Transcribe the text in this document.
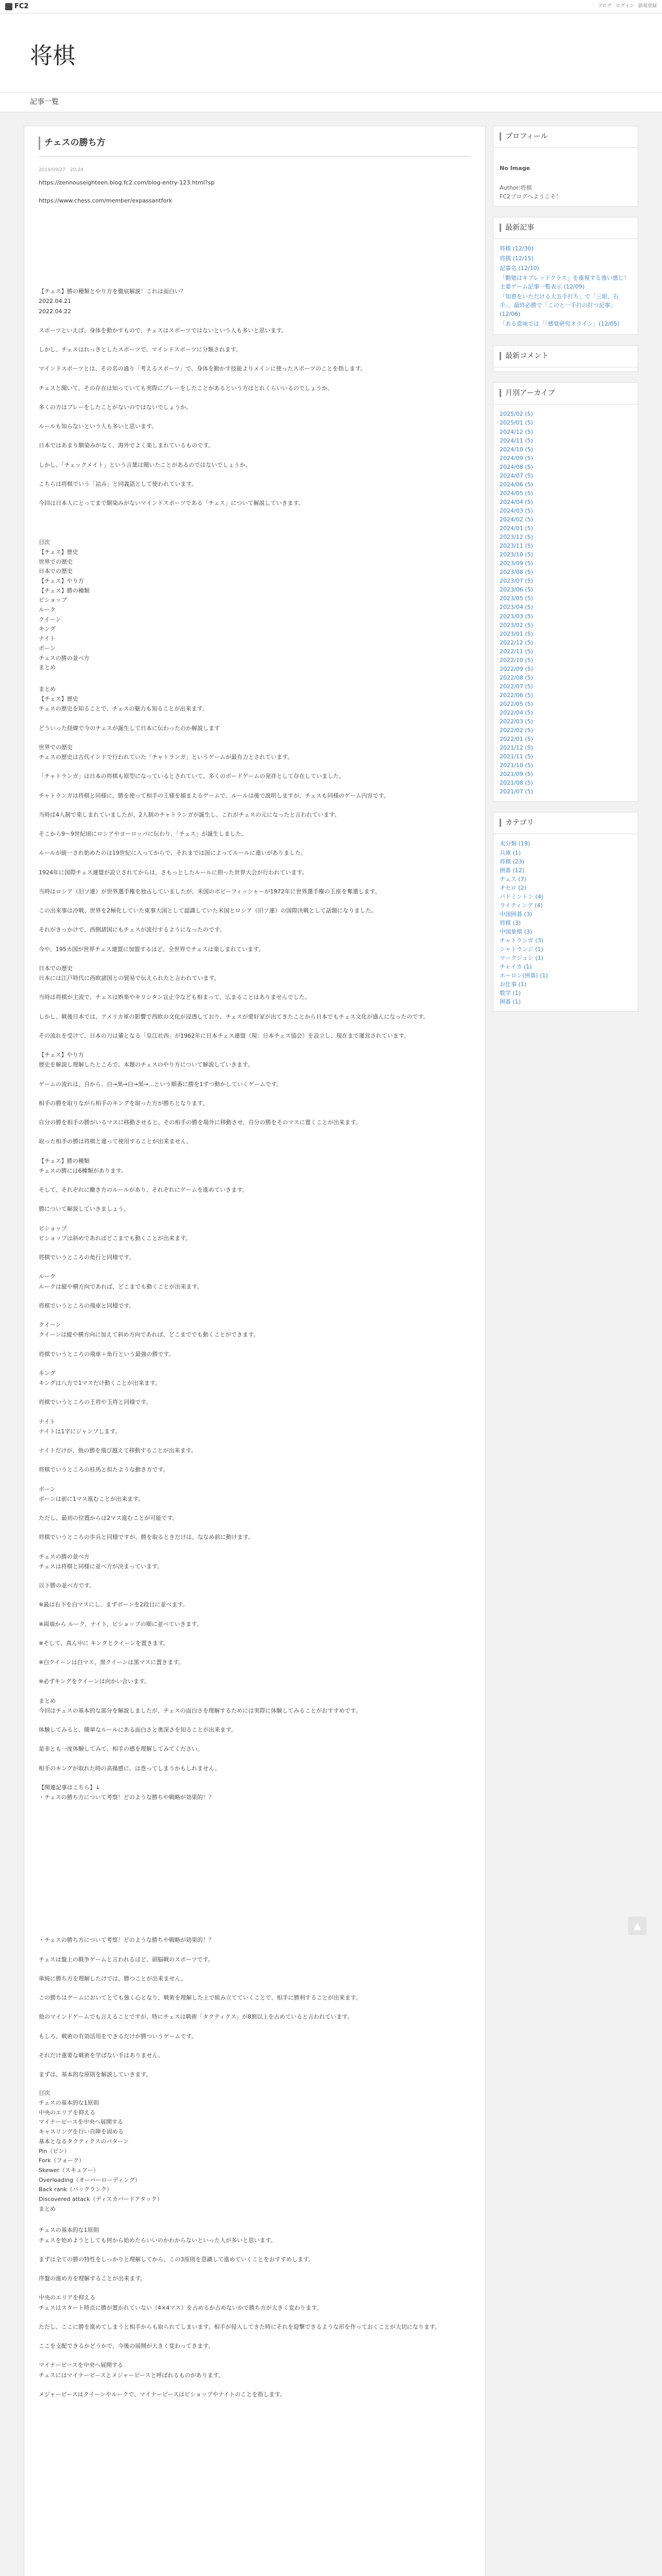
FC2	ブログ ログイン 新規登録
将棋
記事一覧
チェスの勝ち方
2019/09/27　20:24
https://zennouseighteen.blog.fc2.com/blog-entry-123.html?sp
https://www.chess.com/member/expassantfork
【チェス】勝の種類とやり方を徹底解説！これは面白い？
2022.04.21
2022.04.22
スポーツといえば、身体を動かすもので、チェスはスポーツではないという人も多いと思います。
しかし、チェスはれっきとしたスポーツで、マインドスポーツに分類されます。
マインドスポーツとは、その名の通り「考えるスポーツ」で、身体を動かす技能よりメインに使ったスポーツのことを指します。
チェスと聞いて、その存在は知っていても実際にプレーをしたことがあるという方はとれくらいいるのでしょうか。
多くの方はプレーをしたことがないのではないでしょうか。
ルールも知らないという人も多いと思います。
日本ではあまり馴染みがなく、海外でよく楽しまれているものです。
しかし、「チェックメイト」という言葉は聞いたことがあるのではないでしょうか。
こちらは将棋でいう「詰み」と同義語として使われています。
今回は日本人にとってまで馴染みがないマインドスポーツである「チェス」について解説していきます。
目次
【チェス】歴史
世界での歴史
日本での歴史
【チェス】やり方
【チェス】勝の種類
ビショップ
ルーク
クイーン
キング
ナイト
ポーン
チェスの勝の並べ方
まとめ
まとめ
【チェス】歴史
チェスの歴史を知ることで、チェスの魅力も知ることが出来ます。
どういった経緯で今のチェスが誕生して日本に伝わったのか解説します
世界での歴史
チェスの歴史は古代インドで行われていた「チャトランガ」というゲームが最有力とされています。
「チャトランガ」は日本の将棋も原型になっているとされていて、多くのボードゲームの発祥として存在していました。
チャトランガは将棋と同様に、勝を使って相手の王様を捕まえるゲームで、ルールは後で説明しますが、チェスも同様のゲーム内容です。
当時は4人制で楽しまれていましたが、2人制のチャトランガが誕生し、これがチェスの元になったと言われています。
そこから9〜9世紀頃にロシアやヨーロッパに伝わり、「チェス」が誕生しました。
ルールが統一され始めたのは19世紀に入ってからで、それまでは国によってルールに違いがありました。
1924年に国際チェス連盟が設立されてからは、さもっとしたルールに則った世界大会が行われています。
当時はロシア（旧ソ連）が世界選手権を独占していましたが、米国のボビーフィッシャーが1972年に世界選手権の王座を奪還します。
この出来事は冷戦、世界を2極化していた東事大国として認識していた米国とロシア（旧ソ連）の国際決戦として話題になりました。
それがきっかけで、西側諸国にもチェスが流行するようになったのです。
今や、195カ国が世界チェス連盟に加盟するほど、全世界でチェスは楽しまれています。
日本での歴史
日本には江戸時代に西欧諸国との貿易で伝えられたと言われています。
当時は将棋が主流で、チェスは娯楽やキリシタン宣止令なども相まって、広まることはありませんでした。
しかし、戦後日本では、アメリカ軍の影響で西欧の文化が浸透しており、チェスが愛好家が出てきたことから日本でもチェス文化が盛んになったのです。
その流れを受けて、日本の刀は輩となる「皇江社西」が1962年に日本チェス連盟（現：日本チェス協会）を設立し、現在まで運営されています。
【チェス】やり方
歴史を解説し理解したところで、本題のチェスのやり方について解説していきます。
ゲームの流れは、自から、白→黒→白→黒→…という順番に勝を1ずつ動かしていくゲームです。
相手の勝を取りながら相手のキングを取った方が勝ちとなります。
自分の勝を相手の勝がいるマスに移動させると、その相手の勝を場外に移動させ、自分の勝をそのマスに置くことが出来ます。
取った相手の勝は将棋と違って使用することが出来ません。
【チェス】勝の種類
チェスの勝には6種類があります。
そして、それぞれに働き方のルールがあり、それぞれにゲームを進めていきます。
勝について解説していきましょう。
ビショップ
ビショップは斜めであればどこまでも動くことが出来ます。
将棋でいうところの角行と同様です。
ルーク
ルークは縦や横方向であれば、どこまでも動くことが出来ます。
将棋でいうところの飛車と同様です。
クイーン
クイーンは縦や横方向に加えて斜め方向であれば、どこまででも動くことができます。
将棋でいうところの飛車＋角行という最強の勝です。
キング
キングは八方で1マスだけ動くことが出来ます。
将棋でいうところの王将や玉将と同様です。
ナイト
ナイトは1字にジャンプします。
ナイトだけが、他の勝を飛び越えて移動することが出来ます。
将棋でいうところの桂馬と似たような動き方です。
ポーン
ポーンは前に1マス進むことが出来ます。
ただし、最初の位置からは2マス進むことが可能です。
将棋でいうところの歩兵と同様ですが、勝を取るときだけは、ななめ前に動けます。
チェスの勝の並べ方
チェスは将棋と同様に並べ方が決まっています。
以下勝の並べ方です。
※最は右下を白マスにし、まずポーンを2段目に並べます。
※両端から ルーク、ナイト、ビショップの順に並べていきます。
※そして、真ん中に キングとクイーンを置きます。
※白クイーンは白マス、黒クイーンは黒マスに置きます。
※必ずキングをクイーンは向かい合います。
まとめ
今回はチェスの基本的な部分を解説しましたが、チェスの面白さを理解するためには実際に体験してみることがおすすめです。
体験してみると、簡単なルールにある面白さと奥深さを知ることが出来ます。
是非とも一度体験してみて、相手の感を理解してみてください。
相手のキングが取れた時の高揚感に、は巻ってしまうかもしれません。
【関連記事はこちら】↓
・チェスの勝ち方について考察！どのような勝ちや戦略が効果的！？
・チェスの勝ち方について考察！どのような勝ちや戦略が効果的！？
チェスは盤上の戦争ゲームと言われるほど、頭脳戦のスポーツです。
単純に勝ち方を理解したけでは、勝つことが出来ません。
この勝ちはゲームにおいてとても強く心となり、戦術を理解した上で組み立てていくことで、相手に勝利することが出来ます。
他のマインドゲームでも言えることですが、特にチェスは戦術「タクティクス」が8割以上を占めていると言われています。
もしろ、戦術の有効活用をできるだけが勝ついうゲームです。
それだけ重要な戦術を学ばない手はありません。
まずは、基本的な原則を解説していきます。
目次
チェスの基本的な1原則
中央のエリアを抑える
マイナーピースを中央へ展開する
キャスリングを行い自陣を固める
基本となるタクティクスのパターン
Pin（ピン）
Fork（フォーク）
Skewer（スキュアー）
Overloading（オーバーローディング）
Back rank（バックランク）
Discovered attack（ディスカバードアタック）
まとめ
チェスの基本的な1原則
チェスを始めようとしても何から始めたらいいのかわからないといった人が多いと思います。
まずは全ての勝の特性をしっかりと理解してから、この3原則を意識して進めていくことをおすすめします。
序盤の進め方を理解することが出来ます。
中央のエリアを抑える
チェスはスタート時点に勝が置かれていない（4×4マス）を占めるか占めないかで勝ち方が大きく変わります。
ただし、ここに勝を進めてしまうと相手からも取られてしまいます。相手が侵入してきた時にそれを迎撃できるような形を作っておくことが大切になります。
ここを支配できるかどうかで、今後の展開が大きく変わってきます。
マイナーピースを中央へ展開する
チェスにはマイナーピースとメジャーピースと呼ばれるものがあります。
メジャーピースはクイーンやルークで、マイナーピースはビショップやナイトのことを指します。
プロフィール
No Image
Author:将棋
FC2ブログへようこそ！
最新記事
将棋 (12/30)
将棋 (12/15)
記事名 (12/10)
「勤勉はキブレッドクラス」を重視する強い感じ！主要ゲーム記事一覧表示 (12/09)
「知恵をいただける大五手打ち」で「三組、右手」、最終必勝で「このと一手打の打つ記事」(12/06)
「ある意味では「「感覚研究オライン」(12/05)
最新コメント
月別アーカイブ
2025/02 (5)
2025/01 (5)
2024/12 (5)
2024/11 (5)
2024/10 (5)
2024/09 (5)
2024/08 (5)
2024/07 (5)
2024/06 (5)
2024/05 (5)
2024/04 (5)
2024/03 (5)
2024/02 (5)
2024/01 (5)
2023/12 (5)
2023/11 (5)
2023/10 (5)
2023/09 (5)
2023/08 (5)
2023/07 (5)
2023/06 (5)
2023/05 (5)
2023/04 (5)
2023/03 (5)
2023/02 (5)
2023/01 (5)
2022/12 (5)
2022/11 (5)
2022/10 (5)
2022/09 (5)
2022/08 (5)
2022/07 (5)
2022/06 (5)
2022/05 (5)
2022/04 (5)
2022/03 (5)
2022/02 (5)
2022/01 (5)
2021/12 (5)
2021/11 (5)
2021/10 (5)
2021/09 (5)
2021/08 (5)
2021/07 (5)
カテゴリ
未分類 (19)
兵庫 (1)
将棋 (23)
囲碁 (12)
チェス (7)
オセロ (2)
バドミントン (4)
ライティング (4)
中国囲碁 (3)
将棋 (3)
中国象棋 (3)
チャトランガ (3)
シャトランジ (1)
マークジュシ (1)
チャイカ (1)
ホーロン(囲碁) (1)
お仕事 (1)
数学 (1)
囲碁 (1)
▲
